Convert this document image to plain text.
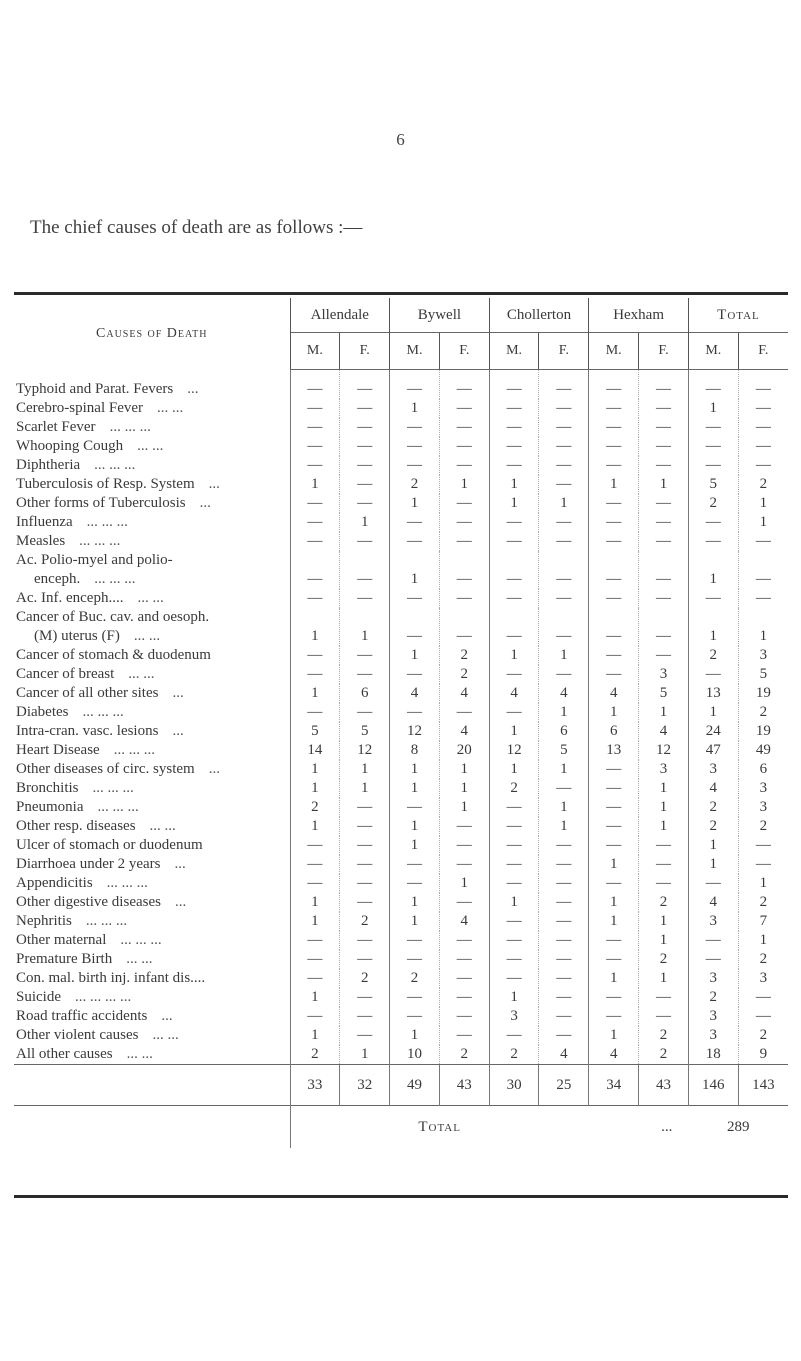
6
The chief causes of death are as follows :—
Causes of Death	Allendale		Bywell		Chollerton		Hexham		Total	
	M.	F.	M.	F.	M.	F.	M.	F.	M.	F.
Typhoid and Parat. Fevers ...	—	—	—	—	—	—	—	—	—	—
Cerebro-spinal Fever ... ...	—	—	1	—	—	—	—	—	1	—
Scarlet Fever ... ... ...	—	—	—	—	—	—	—	—	—	—
Whooping Cough ... ...	—	—	—	—	—	—	—	—	—	—
Diphtheria ... ... ...	—	—	—	—	—	—	—	—	—	—
Tuberculosis of Resp. System ...	1	—	2	1	1	—	1	1	5	2
Other forms of Tuberculosis ...	—	—	1	—	1	1	—	—	2	1
Influenza ... ... ...	—	1	—	—	—	—	—	—	—	1
Measles ... ... ...	—	—	—	—	—	—	—	—	—	—
Ac. Polio-myel and polio-
enceph. ... ... ...	—	—	1	—	—	—	—	—	1	—
Ac. Inf. enceph.... ... ...	—	—	—	—	—	—	—	—	—	—
Cancer of Buc. cav. and oesoph.
(M) uterus (F) ... ...	1	1	—	—	—	—	—	—	1	1
Cancer of stomach & duodenum	—	—	1	2	1	1	—	—	2	3
Cancer of breast ... ...	—	—	—	2	—	—	—	3	—	5
Cancer of all other sites ...	1	6	4	4	4	4	4	5	13	19
Diabetes ... ... ...	—	—	—	—	—	1	1	1	1	2
Intra-cran. vasc. lesions ...	5	5	12	4	1	6	6	4	24	19
Heart Disease ... ... ...	14	12	8	20	12	5	13	12	47	49
Other diseases of circ. system ...	1	1	1	1	1	1	—	3	3	6
Bronchitis ... ... ...	1	1	1	1	2	—	—	1	4	3
Pneumonia ... ... ...	2	—	—	1	—	1	—	1	2	3
Other resp. diseases ... ...	1	—	1	—	—	1	—	1	2	2
Ulcer of stomach or duodenum	—	—	1	—	—	—	—	—	1	—
Diarrhoea under 2 years ...	—	—	—	—	—	—	1	—	1	—
Appendicitis ... ... ...	—	—	—	1	—	—	—	—	—	1
Other digestive diseases ...	1	—	1	—	1	—	1	2	4	2
Nephritis ... ... ...	1	2	1	4	—	—	1	1	3	7
Other maternal ... ... ...	—	—	—	—	—	—	—	1	—	1
Premature Birth ... ...	—	—	—	—	—	—	—	2	—	2
Con. mal. birth inj. infant dis....	—	2	2	—	—	—	1	1	3	3
Suicide ... ... ... ...	1	—	—	—	1	—	—	—	2	—
Road traffic accidents ...	—	—	—	—	3	—	—	—	3	—
Other violent causes ... ...	1	—	1	—	—	—	1	2	3	2
All other causes ... ...	2	1	10	2	2	4	4	2	18	9
	33	32	49	43	30	25	34	43	146	143
	Total						...		289	
